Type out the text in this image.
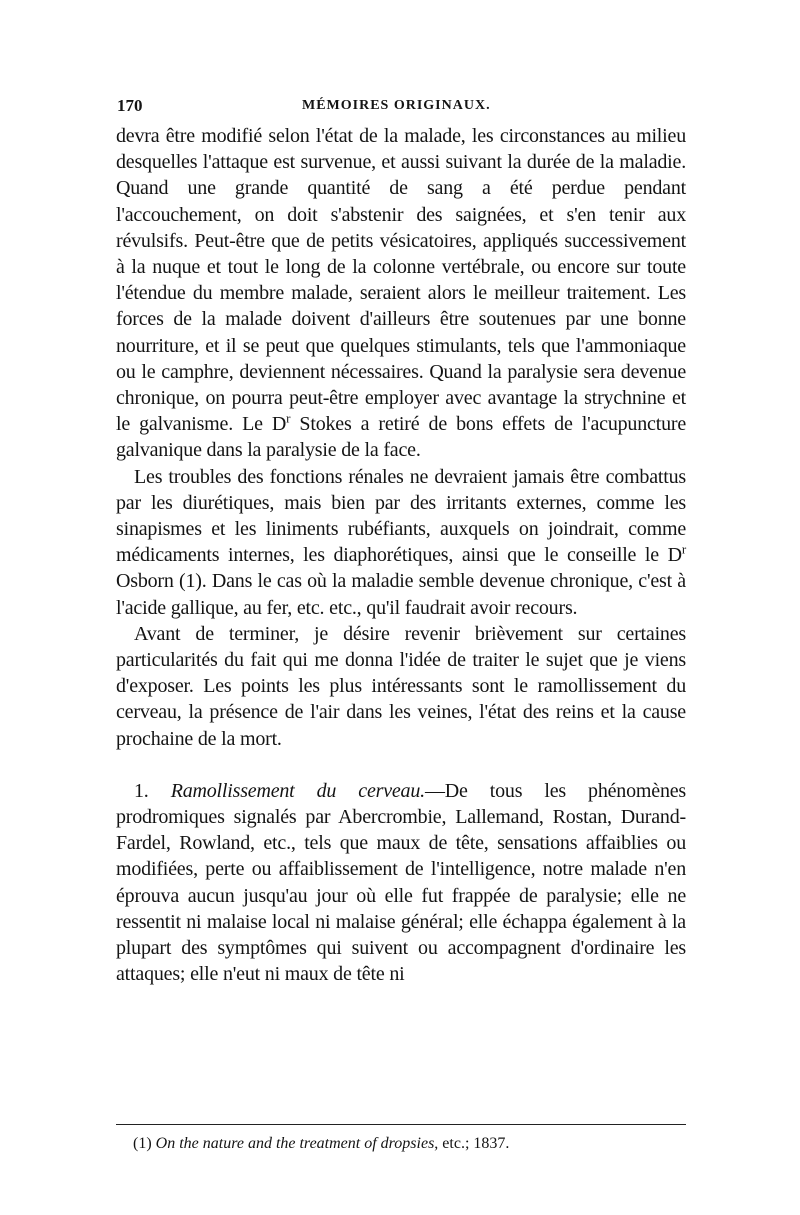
170	MÉMOIRES ORIGINAUX.

devra être modifié selon l'état de la malade, les circonstances au milieu desquelles l'attaque est survenue, et aussi suivant la durée de la maladie. Quand une grande quantité de sang a été perdue pendant l'accouchement, on doit s'abstenir des saignées, et s'en tenir aux révulsifs. Peut-être que de petits vésicatoires, appliqués successivement à la nuque et tout le long de la colonne vertébrale, ou encore sur toute l'étendue du membre malade, seraient alors le meilleur traitement. Les forces de la malade doivent d'ailleurs être soutenues par une bonne nourriture, et il se peut que quelques stimulants, tels que l'ammoniaque ou le camphre, deviennent nécessaires. Quand la paralysie sera devenue chronique, on pourra peut-être employer avec avantage la strychnine et le galvanisme. Le $D^r$ Stokes a retiré de bons effets de l'acupuncture galvanique dans la paralysie de la face.

Les troubles des fonctions rénales ne devraient jamais être combattus par les diurétiques, mais bien par des irritants externes, comme les sinapismes et les liniments rubéfiants, auxquels on joindrait, comme médicaments internes, les diaphorétiques, ainsi que le conseille le $D^r$ Osborn (1). Dans le cas où la maladie semble devenue chronique, c'est à l'acide gallique, au fer, etc. etc., qu'il faudrait avoir recours.

Avant de terminer, je désire revenir brièvement sur certaines particularités du fait qui me donna l'idée de traiter le sujet que je viens d'exposer. Les points les plus intéressants sont le ramollissement du cerveau, la présence de l'air dans les veines, l'état des reins et la cause prochaine de la mort.

1. Ramollissement du cerveau.—De tous les phénomènes prodromiques signalés par Abercrombie, Lallemand, Rostan, Durand-Fardel, Rowland, etc., tels que maux de tête, sensations affaiblies ou modifiées, perte ou affaiblissement de l'intelligence, notre malade n'en éprouva aucun jusqu'au jour où elle fut frappée de paralysie; elle ne ressentit ni malaise local ni malaise général; elle échappa également à la plupart des symptômes qui suivent ou accompagnent d'ordinaire les attaques; elle n'eut ni maux de tête ni

(1) On the nature and the treatment of dropsies, etc.; 1837.
